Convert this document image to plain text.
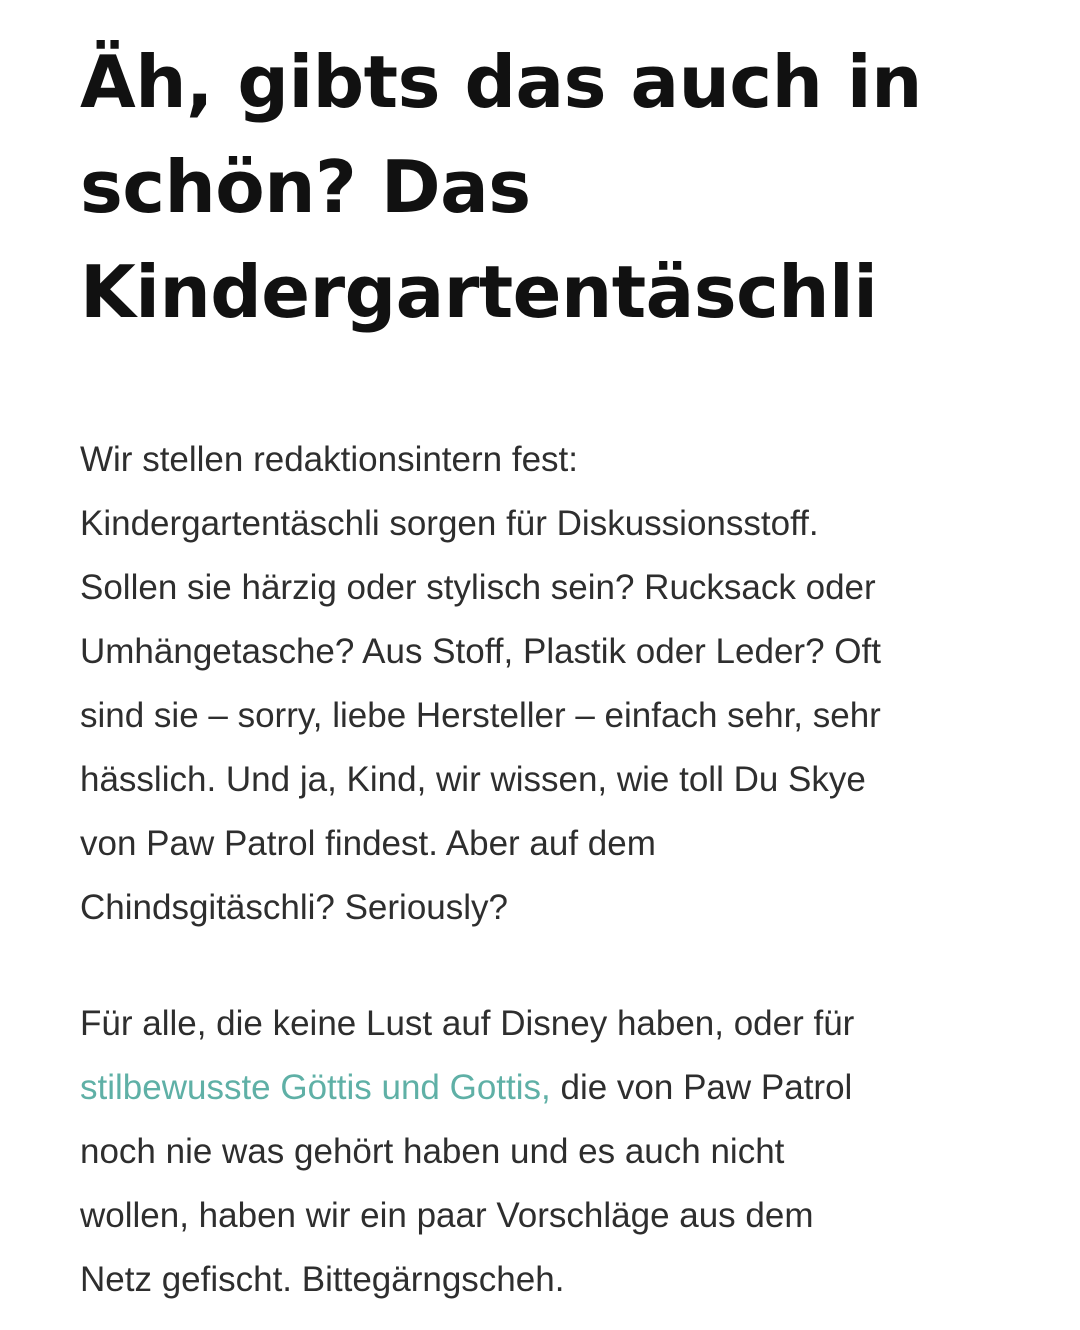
Äh, gibts das auch in
schön? Das
Kindergartentäschli

Wir stellen redaktionsintern fest:
Kindergartentäschli sorgen für Diskussionsstoff.
Sollen sie härzig oder stylisch sein? Rucksack oder
Umhängetasche? Aus Stoff, Plastik oder Leder? Oft
sind sie – sorry, liebe Hersteller – einfach sehr, sehr
hässlich. Und ja, Kind, wir wissen, wie toll Du Skye
von Paw Patrol findest. Aber auf dem
Chindsgitäschli? Seriously?

Für alle, die keine Lust auf Disney haben, oder für
stilbewusste Göttis und Gottis, die von Paw Patrol
noch nie was gehört haben und es auch nicht
wollen, haben wir ein paar Vorschläge aus dem
Netz gefischt. Bittegärngscheh.
